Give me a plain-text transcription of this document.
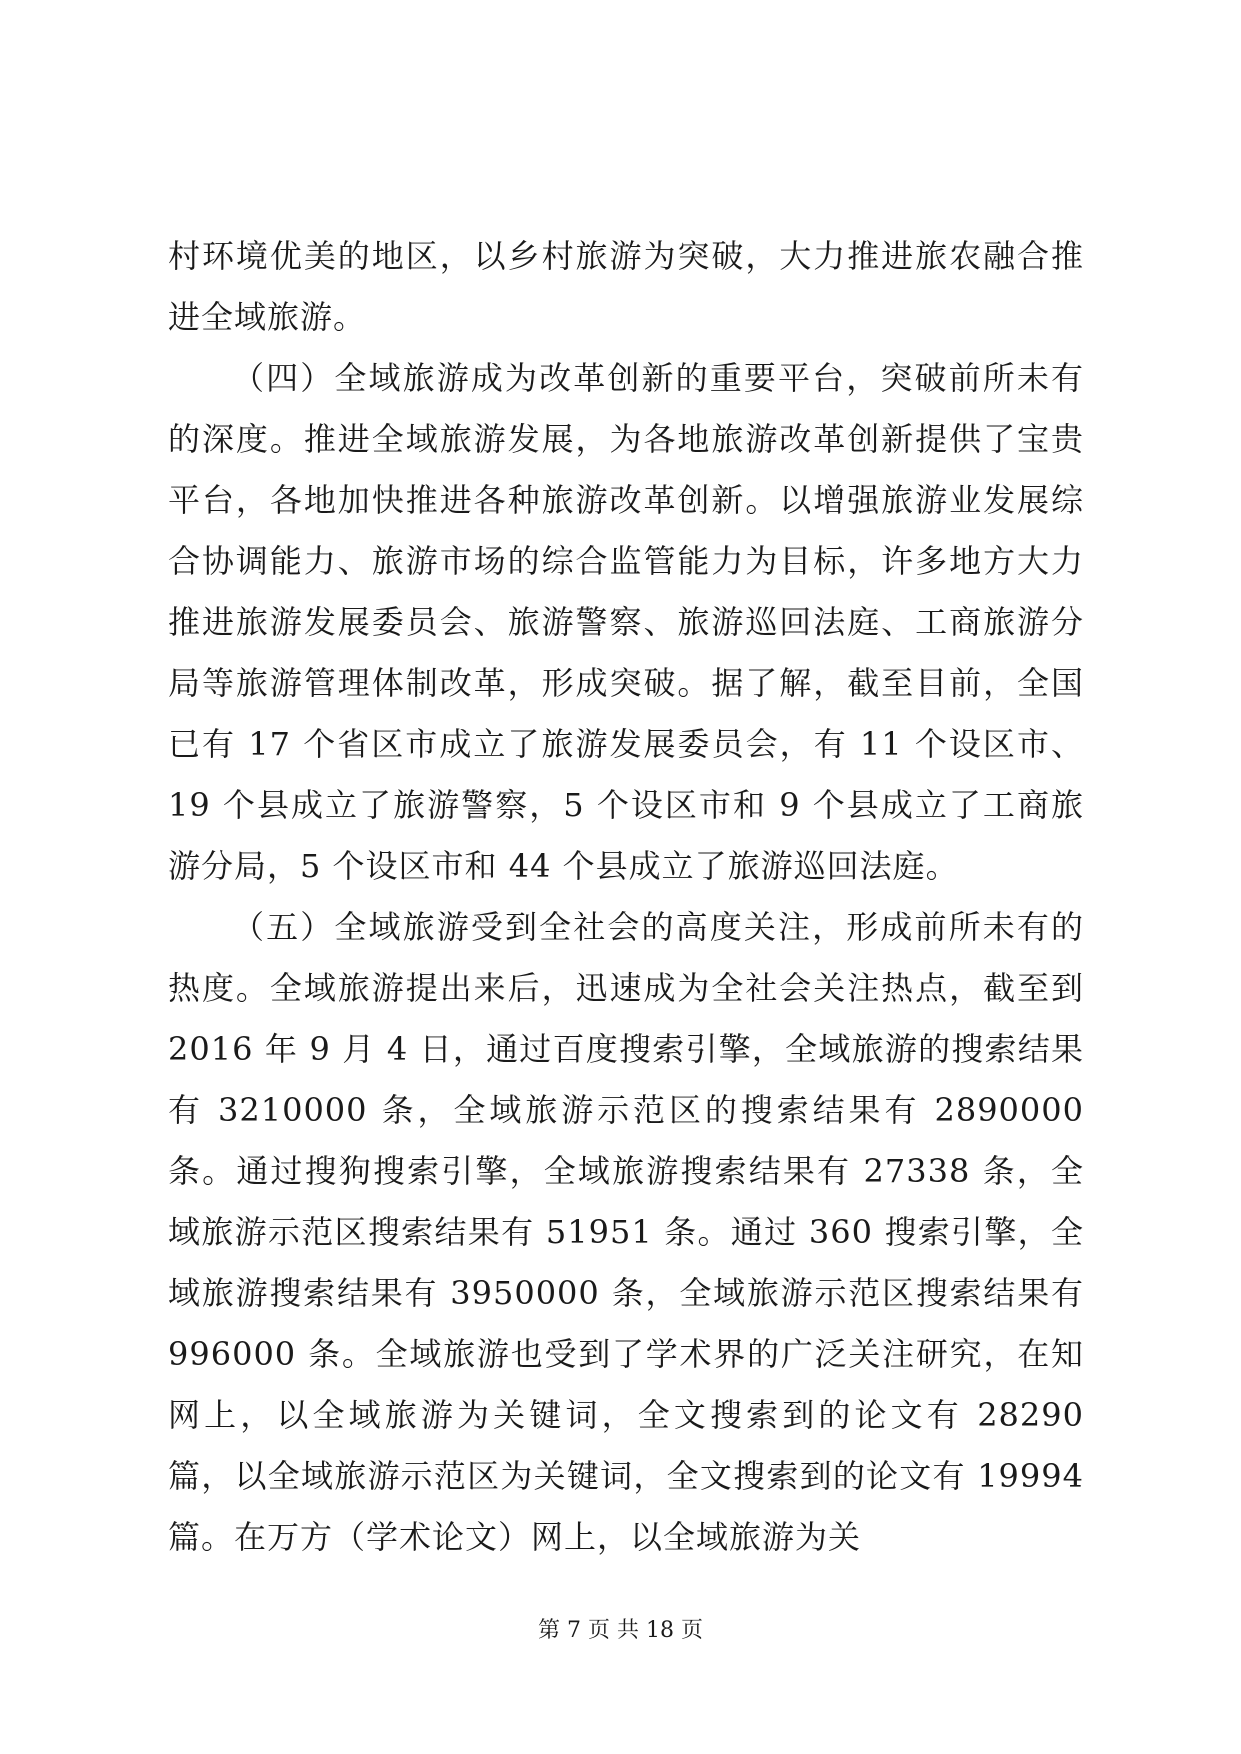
村环境优美的地区，以乡村旅游为突破，大力推进旅农融合推进全域旅游。

（四）全域旅游成为改革创新的重要平台，突破前所未有的深度。推进全域旅游发展，为各地旅游改革创新提供了宝贵平台，各地加快推进各种旅游改革创新。以增强旅游业发展综合协调能力、旅游市场的综合监管能力为目标，许多地方大力推进旅游发展委员会、旅游警察、旅游巡回法庭、工商旅游分局等旅游管理体制改革，形成突破。据了解，截至目前，全国已有 17 个省区市成立了旅游发展委员会，有 11 个设区市、19 个县成立了旅游警察，5 个设区市和 9 个县成立了工商旅游分局，5 个设区市和 44 个县成立了旅游巡回法庭。

（五）全域旅游受到全社会的高度关注，形成前所未有的热度。全域旅游提出来后，迅速成为全社会关注热点，截至到 2016 年 9 月 4 日，通过百度搜索引擎，全域旅游的搜索结果有 3210000 条，全域旅游示范区的搜索结果有 2890000 条。通过搜狗搜索引擎，全域旅游搜索结果有 27338 条，全域旅游示范区搜索结果有 51951 条。通过 360 搜索引擎，全域旅游搜索结果有 3950000 条，全域旅游示范区搜索结果有 996000 条。全域旅游也受到了学术界的广泛关注研究，在知网上，以全域旅游为关键词，全文搜索到的论文有 28290 篇，以全域旅游示范区为关键词，全文搜索到的论文有 19994 篇。在万方（学术论文）网上，以全域旅游为关

第 7 页 共 18 页
